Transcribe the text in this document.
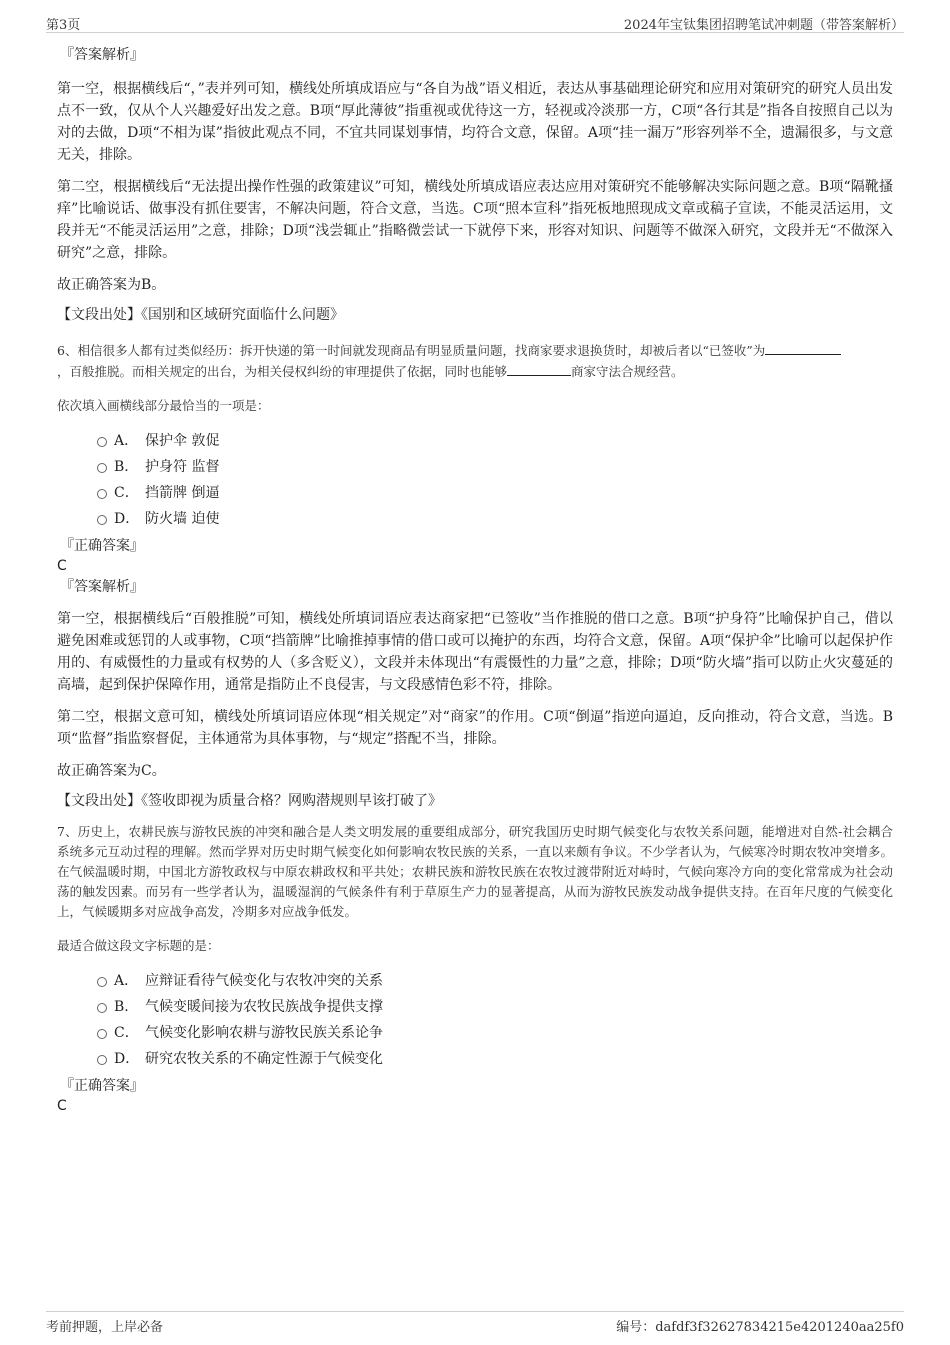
第3页	2024年宝钛集团招聘笔试冲刺题（带答案解析）

『答案解析』

第一空，根据横线后“，”表并列可知，横线处所填成语应与“各自为战”语义相近，表达从事基础理论研究和应用对策研究的研究人员出发点不一致，仅从个人兴趣爱好出发之意。B项“厚此薄彼”指重视或优待这一方，轻视或冷淡那一方，C项“各行其是”指各自按照自己以为对的去做，D项“不相为谋”指彼此观点不同，不宜共同谋划事情，均符合文意，保留。A项“挂一漏万”形容列举不全，遗漏很多，与文意无关，排除。

第二空，根据横线后“无法提出操作性强的政策建议”可知，横线处所填成语应表达应用对策研究不能够解决实际问题之意。B项“隔靴搔痒”比喻说话、做事没有抓住要害，不解决问题，符合文意，当选。C项“照本宣科”指死板地照现成文章或稿子宣读，不能灵活运用，文段并无“不能灵活运用”之意，排除；D项“浅尝辄止”指略微尝试一下就停下来，形容对知识、问题等不做深入研究，文段并无“不做深入研究”之意，排除。

故正确答案为B。

【文段出处】《国别和区域研究面临什么问题》

6、相信很多人都有过类似经历：拆开快递的第一时间就发现商品有明显质量问题，找商家要求退换货时，却被后者以“已签收”为
，百般推脱。而相关规定的出台，为相关侵权纠纷的审理提供了依据，同时也能够	商家守法合规经营。

依次填入画横线部分最恰当的一项是：

A． 保护伞 敦促
B. 护身符 监督
C． 挡箭牌 倒逼
D． 防火墙 迫使

『正确答案』

C

『答案解析』

第一空，根据横线后“百般推脱”可知，横线处所填词语应表达商家把“已签收”当作推脱的借口之意。B项“护身符”比喻保护自己，借以避免困难或惩罚的人或事物，C项“挡箭牌”比喻推掉事情的借口或可以掩护的东西，均符合文意，保留。A项“保护伞”比喻可以起保护作用的、有威慑性的力量或有权势的人（多含贬义），文段并未体现出“有震慑性的力量”之意，排除；D项“防火墙”指可以防止火灾蔓延的高墙，起到保护保障作用，通常是指防止不良侵害，与文段感情色彩不符，排除。

第二空，根据文意可知，横线处所填词语应体现“相关规定”对“商家”的作用。C项“倒逼”指逆向逼迫，反向推动，符合文意，当选。B项“监督”指监察督促，主体通常为具体事物，与“规定”搭配不当，排除。

故正确答案为C。

【文段出处】《签收即视为质量合格？网购潜规则早该打破了》

7、历史上，农耕民族与游牧民族的冲突和融合是人类文明发展的重要组成部分，研究我国历史时期气候变化与农牧关系问题，能增进对自然-社会耦合系统多元互动过程的理解。然而学界对历史时期气候变化如何影响农牧民族的关系，一直以来颇有争议。不少学者认为，气候寒冷时期农牧冲突增多。在气候温暖时期，中国北方游牧政权与中原农耕政权和平共处；农耕民族和游牧民族在农牧过渡带附近对峙时，气候向寒冷方向的变化常常成为社会动荡的触发因素。而另有一些学者认为，温暖湿润的气候条件有利于草原生产力的显著提高，从而为游牧民族发动战争提供支持。在百年尺度的气候变化上，气候暖期多对应战争高发，冷期多对应战争低发。

最适合做这段文字标题的是：

A． 应辩证看待气候变化与农牧冲突的关系
B. 气候变暖间接为农牧民族战争提供支撑
C． 气候变化影响农耕与游牧民族关系论争
D． 研究农牧关系的不确定性源于气候变化

『正确答案』

C

考前押题，上岸必备	编号：dafdf3f32627834215e4201240aa25f0
